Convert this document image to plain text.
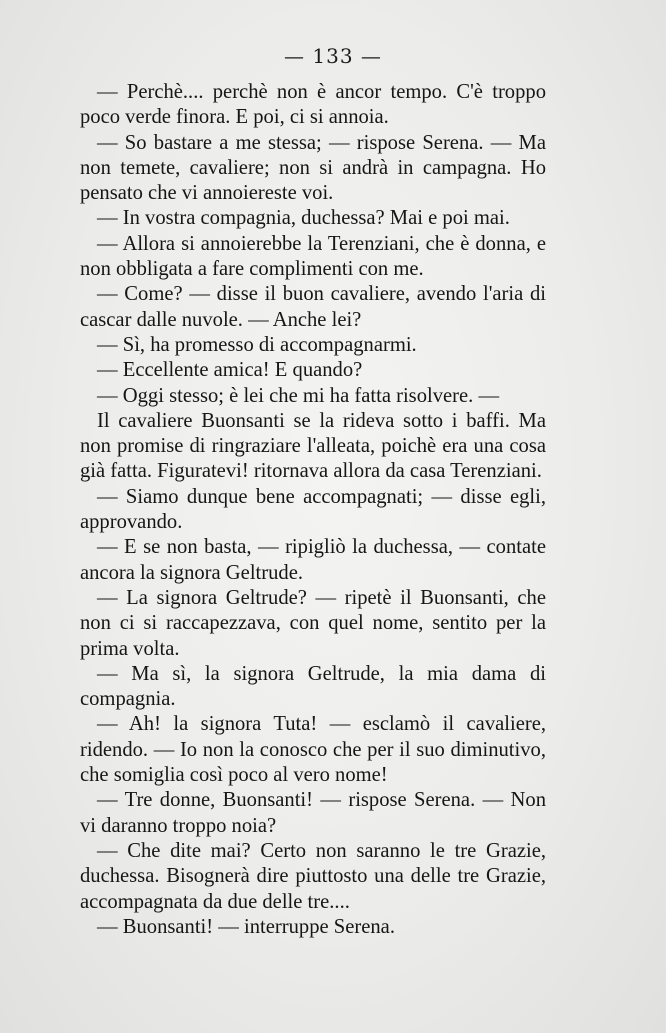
— 133 —

— Perchè.... perchè non è ancor tempo. C'è troppo poco verde finora. E poi, ci si annoia.

— So bastare a me stessa; — rispose Serena. — Ma non temete, cavaliere; non si andrà in campagna. Ho pensato che vi annoiereste voi.

— In vostra compagnia, duchessa? Mai e poi mai.

— Allora si annoierebbe la Terenziani, che è donna, e non obbligata a fare complimenti con me.

— Come? — disse il buon cavaliere, avendo l'aria di cascar dalle nuvole. — Anche lei?

— Sì, ha promesso di accompagnarmi.

— Eccellente amica! E quando?

— Oggi stesso; è lei che mi ha fatta risolvere. —

Il cavaliere Buonsanti se la rideva sotto i baffi. Ma non promise di ringraziare l'alleata, poichè era una cosa già fatta. Figuratevi! ritornava allora da casa Terenziani.

— Siamo dunque bene accompagnati; — disse egli, approvando.

— E se non basta, — ripigliò la duchessa, — contate ancora la signora Geltrude.

— La signora Geltrude? — ripetè il Buonsanti, che non ci si raccapezzava, con quel nome, sentito per la prima volta.

— Ma sì, la signora Geltrude, la mia dama di compagnia.

— Ah! la signora Tuta! — esclamò il cavaliere, ridendo. — Io non la conosco che per il suo diminutivo, che somiglia così poco al vero nome!

— Tre donne, Buonsanti! — rispose Serena. — Non vi daranno troppo noia?

— Che dite mai? Certo non saranno le tre Grazie, duchessa. Bisognerà dire piuttosto una delle tre Grazie, accompagnata da due delle tre....

— Buonsanti! — interruppe Serena.
